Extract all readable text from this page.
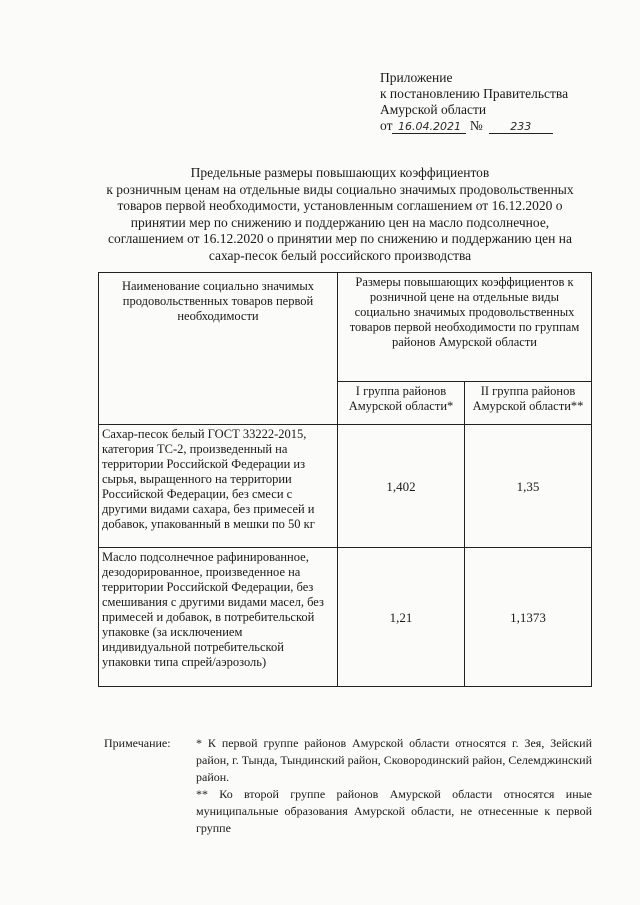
Приложение
к постановлению Правительства
Амурской области
от 16.04.2021 №	233
Предельные размеры повышающих коэффициентов
к розничным ценам на отдельные виды социально значимых продовольственных
товаров первой необходимости, установленным соглашением от 16.12.2020 о
принятии мер по снижению и поддержанию цен на масло подсолнечное,
соглашением от 16.12.2020 о принятии мер по снижению и поддержанию цен на
сахар-песок белый российского производства
Наименование социально значимых продовольственных товаров первой необходимости	Размеры повышающих коэффициентов к розничной цене на отдельные виды социально значимых продовольственных товаров первой необходимости по группам районов Амурской области	
	I группа районов Амурской области*	II группа районов Амурской области**
Сахар-песок белый ГОСТ 33222-2015, категория ТС-2, произведенный на территории Российской Федерации из сырья, выращенного на территории Российской Федерации, без смеси с другими видами сахара, без примесей и добавок, упакованный в мешки по 50 кг	1,402	1,35
Масло подсолнечное рафинированное, дезодорированное, произведенное на территории Российской Федерации, без смешивания с другими видами масел, без примесей и добавок, в потребительской упаковке (за исключением индивидуальной потребительской упаковки типа спрей/аэрозоль)	1,21	1,1373
Примечание: * К первой группе районов Амурской области относятся г. Зея, Зейский район, г. Тында, Тындинский район, Сковородинский район, Селемджинский район.

** Ко второй группе районов Амурской области относятся иные муниципальные образования Амурской области, не отнесенные к первой группе
